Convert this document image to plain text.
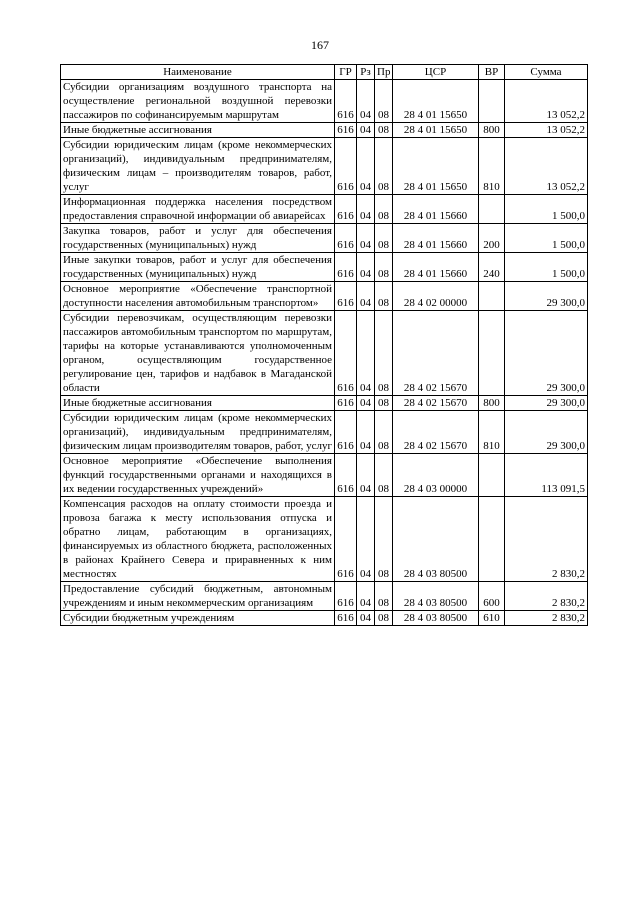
167
Наименование	ГР	Рз	Пр	ЦСР	ВР	Сумма
Субсидии организациям воздушного транспорта на осуществление региональной воздушной перевозки пассажиров по софинансируемым маршрутам	616	04	08	28 4 01 15650		13 052,2
Иные бюджетные ассигнования	616	04	08	28 4 01 15650	800	13 052,2
Субсидии юридическим лицам (кроме некоммерческих организаций), индивидуальным предпринимателям, физическим лицам – производителям товаров, работ, услуг	616	04	08	28 4 01 15650	810	13 052,2
Информационная поддержка населения посредством предоставления справочной информации об авиарейсах	616	04	08	28 4 01 15660		1 500,0
Закупка товаров, работ и услуг для обеспечения государственных (муниципальных) нужд	616	04	08	28 4 01 15660	200	1 500,0
Иные закупки товаров, работ и услуг для обеспечения государственных (муниципальных) нужд	616	04	08	28 4 01 15660	240	1 500,0
Основное мероприятие «Обеспечение транспортной доступности населения автомобильным транспортом»	616	04	08	28 4 02 00000		29 300,0
Субсидии перевозчикам, осуществляющим перевозки пассажиров автомобильным транспортом по маршрутам, тарифы на которые устанавливаются уполномоченным органом, осуществляющим государственное регулирование цен, тарифов и надбавок в Магаданской области	616	04	08	28 4 02 15670		29 300,0
Иные бюджетные ассигнования	616	04	08	28 4 02 15670	800	29 300,0
Субсидии юридическим лицам (кроме некоммерческих организаций), индивидуальным предпринимателям, физическим лицам производителям товаров, работ, услуг	616	04	08	28 4 02 15670	810	29 300,0
Основное мероприятие «Обеспечение выполнения функций государственными органами и находящихся в их ведении государственных учреждений»	616	04	08	28 4 03 00000		113 091,5
Компенсация расходов на оплату стоимости проезда и провоза багажа к месту использования отпуска и обратно лицам, работающим в организациях, финансируемых из областного бюджета, расположенных в районах Крайнего Севера и приравненных к ним местностях	616	04	08	28 4 03 80500		2 830,2
Предоставление субсидий бюджетным, автономным учреждениям и иным некоммерческим организациям	616	04	08	28 4 03 80500	600	2 830,2
Субсидии бюджетным учреждениям	616	04	08	28 4 03 80500	610	2 830,2
